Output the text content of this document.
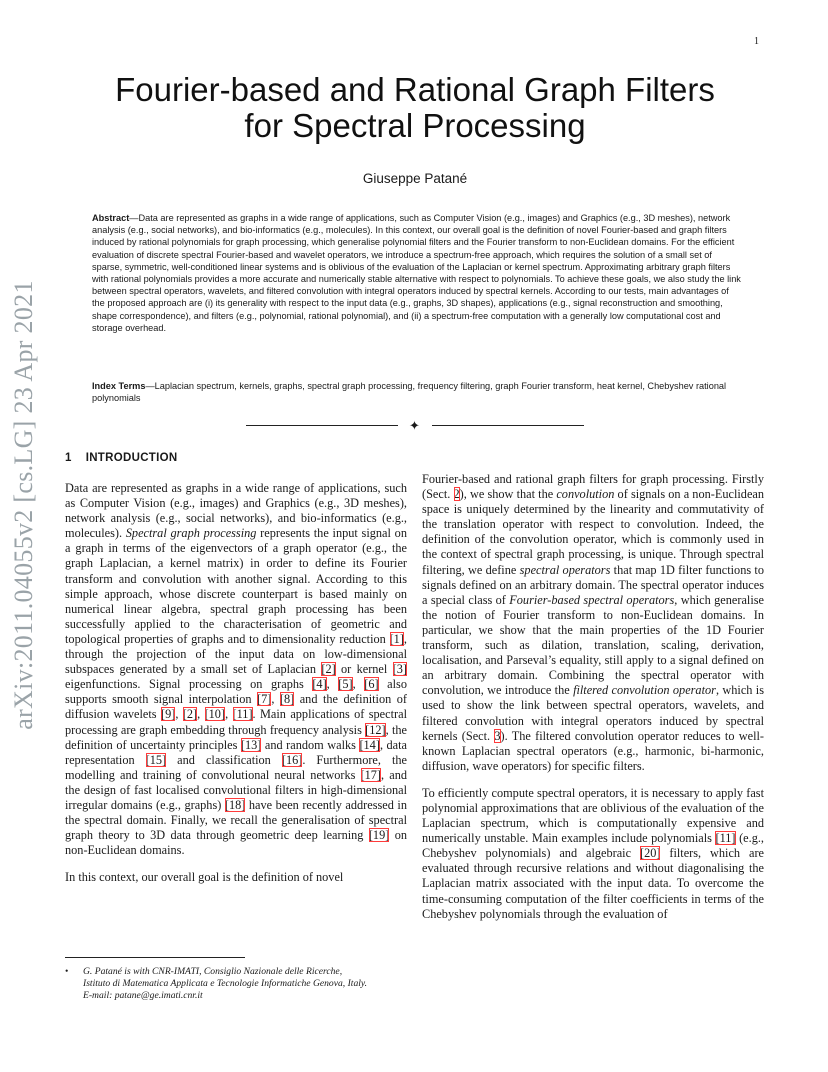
1
arXiv:2011.04055v2 [cs.LG] 23 Apr 2021
Fourier-based and Rational Graph Filters
for Spectral Processing
Giuseppe Patané
Abstract—Data are represented as graphs in a wide range of applications, such as Computer Vision (e.g., images) and Graphics (e.g., 3D meshes), network analysis (e.g., social networks), and bio-informatics (e.g., molecules). In this context, our overall goal is the definition of novel Fourier-based and graph filters induced by rational polynomials for graph processing, which generalise polynomial filters and the Fourier transform to non-Euclidean domains. For the efficient evaluation of discrete spectral Fourier-based and wavelet operators, we introduce a spectrum-free approach, which requires the solution of a small set of sparse, symmetric, well-conditioned linear systems and is oblivious of the evaluation of the Laplacian or kernel spectrum. Approximating arbitrary graph filters with rational polynomials provides a more accurate and numerically stable alternative with respect to polynomials. To achieve these goals, we also study the link between spectral operators, wavelets, and filtered convolution with integral operators induced by spectral kernels. According to our tests, main advantages of the proposed approach are (i) its generality with respect to the input data (e.g., graphs, 3D shapes), applications (e.g., signal reconstruction and smoothing, shape correspondence), and filters (e.g., polynomial, rational polynomial), and (ii) a spectrum-free computation with a generally low computational cost and storage overhead.
Index Terms—Laplacian spectrum, kernels, graphs, spectral graph processing, frequency filtering, graph Fourier transform, heat kernel, Chebyshev rational polynomials
✦
1 INTRODUCTION

Data are represented as graphs in a wide range of applications, such as Computer Vision (e.g., images) and Graphics (e.g., 3D meshes), network analysis (e.g., social networks), and bio-informatics (e.g., molecules). Spectral graph processing represents the input signal on a graph in terms of the eigenvectors of a graph operator (e.g., the graph Laplacian, a kernel matrix) in order to define its Fourier transform and convolution with another signal. According to this simple approach, whose discrete counterpart is based mainly on numerical linear algebra, spectral graph processing has been successfully applied to the characterisation of geometric and topological properties of graphs and to dimensionality reduction [1], through the projection of the input data on low-dimensional subspaces generated by a small set of Laplacian [2] or kernel [3] eigenfunctions. Signal processing on graphs [4], [5], [6] also supports smooth signal interpolation [7], [8] and the definition of diffusion wavelets [9], [2], [10], [11]. Main applications of spectral processing are graph embedding through frequency analysis [12], the definition of uncertainty principles [13] and random walks [14], data representation [15] and classification [16]. Furthermore, the modelling and training of convolutional neural networks [17], and the design of fast localised convolutional filters in high-dimensional irregular domains (e.g., graphs) [18] have been recently addressed in the spectral domain. Finally, we recall the generalisation of spectral graph theory to 3D data through geometric deep learning [19] on non-Euclidean domains.

In this context, our overall goal is the definition of novel

Fourier-based and rational graph filters for graph processing. Firstly (Sect. 2), we show that the convolution of signals on a non-Euclidean space is uniquely determined by the linearity and commutativity of the translation operator with respect to convolution. Indeed, the definition of the convolution operator, which is commonly used in the context of spectral graph processing, is unique. Through spectral filtering, we define spectral operators that map 1D filter functions to signals defined on an arbitrary domain. The spectral operator induces a special class of Fourier-based spectral operators, which generalise the notion of Fourier transform to non-Euclidean domains. In particular, we show that the main properties of the 1D Fourier transform, such as dilation, translation, scaling, derivation, localisation, and Parseval’s equality, still apply to a signal defined on an arbitrary domain. Combining the spectral operator with convolution, we introduce the filtered convolution operator, which is used to show the link between spectral operators, wavelets, and filtered convolution with integral operators induced by spectral kernels (Sect. 3). The filtered convolution operator reduces to well-known Laplacian spectral operators (e.g., harmonic, bi-harmonic, diffusion, wave operators) for specific filters.

To efficiently compute spectral operators, it is necessary to apply fast polynomial approximations that are oblivious of the evaluation of the Laplacian spectrum, which is computationally expensive and numerically unstable. Main examples include polynomials [11] (e.g., Chebyshev polynomials) and algebraic [20] filters, which are evaluated through recursive relations and without diagonalising the Laplacian matrix associated with the input data. To overcome the time-consuming computation of the filter coefficients in terms of the Chebyshev polynomials through the evaluation of

• G. Patané is with CNR-IMATI, Consiglio Nazionale delle Ricerche,
Istituto di Matematica Applicata e Tecnologie Informatiche Genova, Italy.
E-mail: patane@ge.imati.cnr.it
